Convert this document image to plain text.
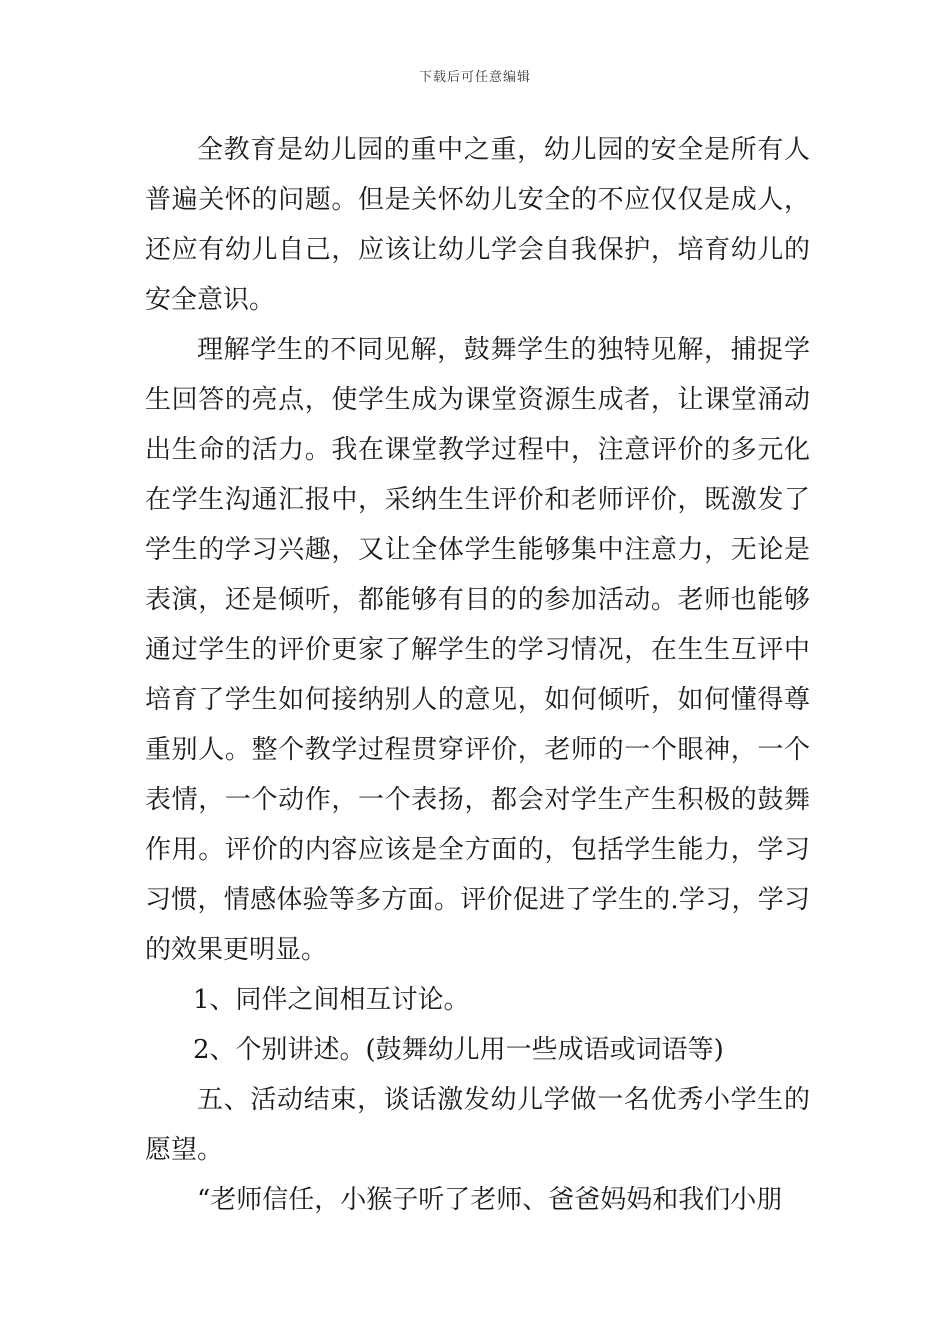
下载后可任意编辑

全教育是幼儿园的重中之重，幼儿园的安全是所有人普遍关怀的问题。但是关怀幼儿安全的不应仅仅是成人，还应有幼儿自己，应该让幼儿学会自我保护，培育幼儿的安全意识。

理解学生的不同见解，鼓舞学生的独特见解，捕捉学生回答的亮点，使学生成为课堂资源生成者，让课堂涌动出生命的活力。我在课堂教学过程中，注意评价的多元化在学生沟通汇报中，采纳生生评价和老师评价，既激发了学生的学习兴趣，又让全体学生能够集中注意力，无论是表演，还是倾听，都能够有目的的参加活动。老师也能够通过学生的评价更家了解学生的学习情况，在生生互评中培育了学生如何接纳别人的意见，如何倾听，如何懂得尊重别人。整个教学过程贯穿评价，老师的一个眼神，一个表情，一个动作，一个表扬，都会对学生产生积极的鼓舞作用。评价的内容应该是全方面的，包括学生能力，学习习惯，情感体验等多方面。评价促进了学生的.学习，学习的效果更明显。

1、同伴之间相互讨论。

2、个别讲述。(鼓舞幼儿用一些成语或词语等)

五、活动结束，谈话激发幼儿学做一名优秀小学生的愿望。

“老师信任，小猴子听了老师、爸爸妈妈和我们小朋
